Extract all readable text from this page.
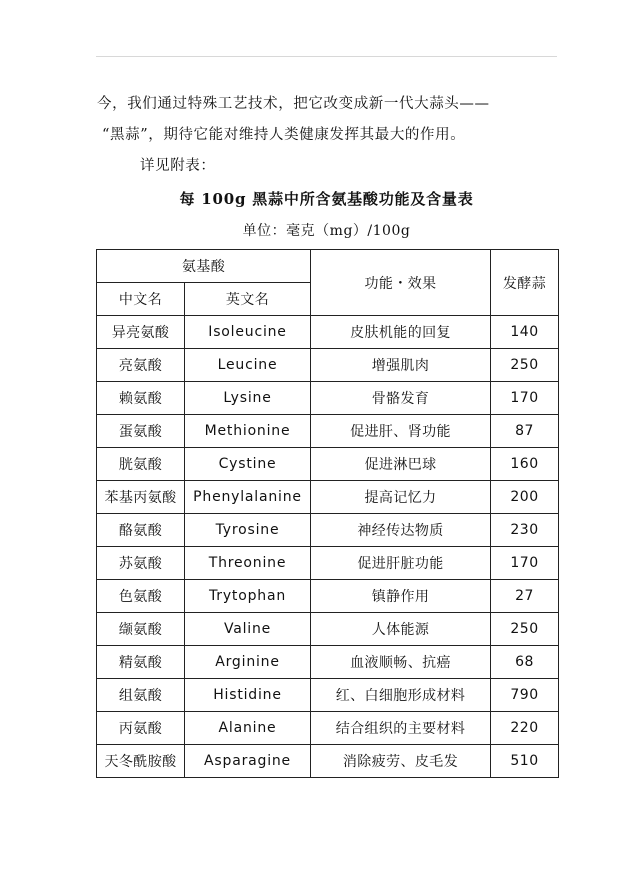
今，我们通过特殊工艺技术，把它改变成新一代大蒜头——

“黑蒜”，期待它能对维持人类健康发挥其最大的作用。

详见附表：

每 100g 黑蒜中所含氨基酸功能及含量表

单位：毫克（mg）/100g

氨基酸		功能・效果	发酵蒜
中文名	英文名		
异亮氨酸	Isoleucine	皮肤机能的回复	140
亮氨酸	Leucine	增强肌肉	250
赖氨酸	Lysine	骨骼发育	170
蛋氨酸	Methionine	促进肝、肾功能	87
胱氨酸	Cystine	促进淋巴球	160
苯基丙氨酸	Phenylalanine	提高记忆力	200
酪氨酸	Tyrosine	神经传达物质	230
苏氨酸	Threonine	促进肝脏功能	170
色氨酸	Trytophan	镇静作用	27
缬氨酸	Valine	人体能源	250
精氨酸	Arginine	血液顺畅、抗癌	68
组氨酸	Histidine	红、白细胞形成材料	790
丙氨酸	Alanine	结合组织的主要材料	220
天冬酰胺酸	Asparagine	消除疲劳、皮毛发	510
